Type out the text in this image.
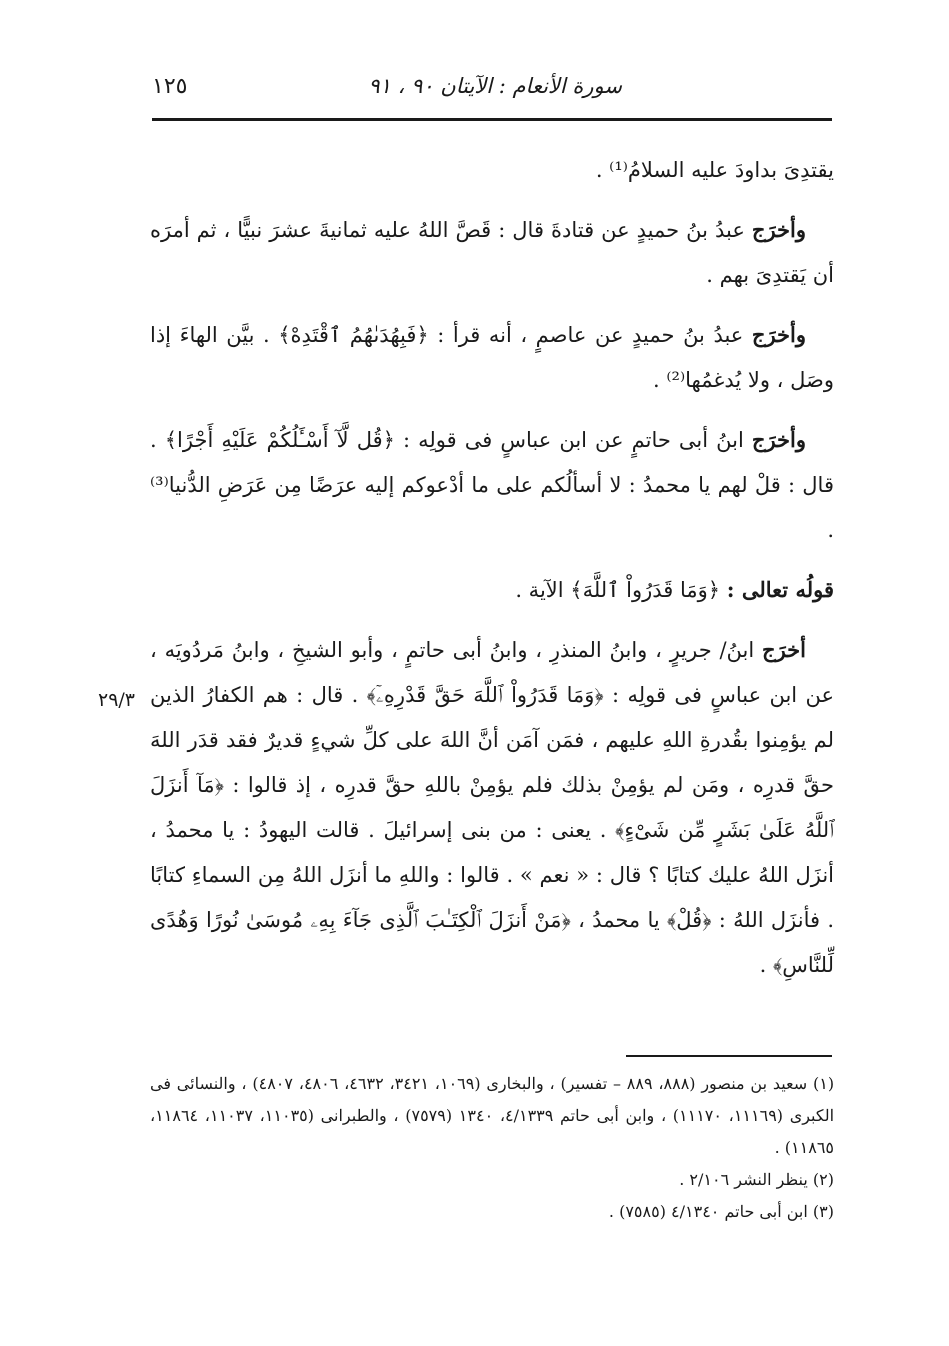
سورة الأنعام : الآيتان ٩٠ ، ٩١
١٢٥
٢٩/٣

يقتدِىَ بداودَ عليه السلامُ⁽¹⁾ .

وأخرَج عبدُ بنُ حميدٍ عن قتادةَ قال : قَصَّ اللهُ عليه ثمانيةَ عشرَ نبيًّا ، ثم أمرَه أن يَقتدِىَ بهم .

وأخرَج عبدُ بنُ حميدٍ عن عاصمٍ ، أنه قرأ : ﴿فَبِهُدَىٰهُمُ ٱقْتَدِهْ﴾ . بيَّن الهاءَ إذا وصَل ، ولا يُدغمُها⁽²⁾ .

وأخرَج ابنُ أبى حاتمٍ عن ابن عباسٍ فى قولِه : ﴿قُل لَّآ أَسْـَٔلُكُمْ عَلَيْهِ أَجْرًا﴾ . قال : قلْ لهم يا محمدُ : لا أسألُكم على ما أدْعوكم إليه عرَضًا مِن عَرَضِ الدُّنيا⁽³⁾ .

قولُه تعالى : ﴿وَمَا قَدَرُواْ ٱللَّهَ﴾ الآية .

أخرَج ابنُ/ جريرٍ ، وابنُ المنذرِ ، وابنُ أبى حاتمٍ ، وأبو الشيخِ ، وابنُ مَردُويَه ، عن ابن عباسٍ فى قولِه : ﴿وَمَا قَدَرُواْ ٱللَّهَ حَقَّ قَدْرِهِۦٓ﴾ . قال : هم الكفارُ الذين لم يؤمِنوا بقُدرةِ اللهِ عليهم ، فمَن آمَن أنَّ اللهَ على كلِّ شيءٍ قديرٌ فقد قدَر اللهَ حقَّ قدرِه ، ومَن لم يؤمِنْ بذلك فلم يؤمِنْ باللهِ حقَّ قدرِه ، إذ قالوا : ﴿مَآ أَنزَلَ ٱللَّهُ عَلَىٰ بَشَرٍ مِّن شَىْءٍ﴾ . يعنى : من بنى إسرائيلَ . قالت اليهودُ : يا محمدُ ، أنزَل اللهُ عليك كتابًا ؟ قال : « نعم » . قالوا : واللهِ ما أنزَل اللهُ مِن السماءِ كتابًا . فأنزَل اللهُ : ﴿قُلْ﴾ يا محمدُ ، ﴿مَنْ أَنزَلَ ٱلْكِتَـٰبَ ٱلَّذِى جَآءَ بِهِۦ مُوسَىٰ نُورًا وَهُدًى لِّلنَّاسِ﴾ .

(١) سعيد بن منصور (٨٨٨، ٨٨٩ – تفسير) ، والبخارى (١٠٦٩، ٣٤٢١، ٤٦٣٢، ٤٨٠٦، ٤٨٠٧) ، والنسائى فى الكبرى (١١١٦٩، ١١١٧٠) ، وابن أبى حاتم ٤/١٣٣٩، ١٣٤٠ (٧٥٧٩) ، والطبرانى (١١٠٣٥، ١١٠٣٧، ١١٨٦٤، ١١٨٦٥) .
(٢) ينظر النشر ٢/١٠٦ .
(٣) ابن أبى حاتم ٤/١٣٤٠ (٧٥٨٥) .
